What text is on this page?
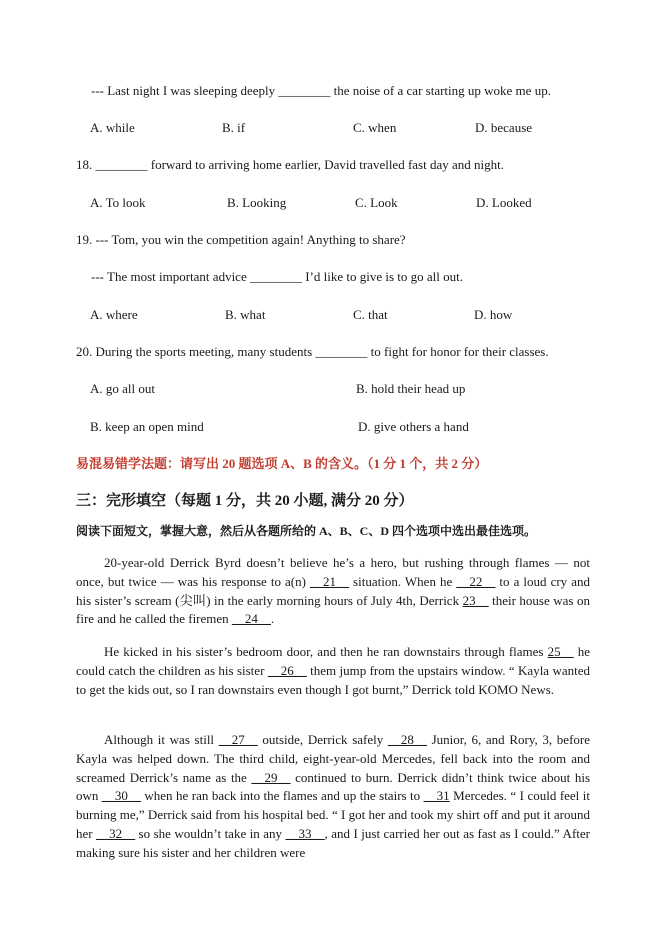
--- Last night I was sleeping deeply ________ the noise of a car starting up woke me up.
A. while	B. if	C. when	D. because
18. ________ forward to arriving home earlier, David travelled fast day and night.
A. To look	B. Looking	C. Look	D. Looked
19. --- Tom, you win the competition again! Anything to share?
--- The most important advice ________ I’d like to give is to go all out.
A. where	B. what	C. that	D. how
20. During the sports meeting, many students ________ to fight for honor for their classes.
A. go all out	B. hold their head up
B. keep an open mind	D. give others a hand
易混易错学法题：请写出 20 题选项 A、B 的含义。（1 分 1 个，共 2 分）
三：完形填空（每题 1 分，共 20 小题, 满分 20 分）
阅读下面短文，掌握大意，然后从各题所给的 A、B、C、D 四个选项中选出最佳选项。
20-year-old Derrick Byrd doesn’t believe he’s a hero, but rushing through flames — not once, but twice — was his response to a(n) __21__ situation. When he __22__ to a loud cry and his sister’s scream (尖叫) in the early morning hours of July 4th, Derrick 23__ their house was on fire and he called the firemen __24__.
He kicked in his sister’s bedroom door, and then he ran downstairs through flames 25__ he could catch the children as his sister __26__ them jump from the upstairs window. “ Kayla wanted to get the kids out, so I ran downstairs even though I got burnt,” Derrick told KOMO News.
Although it was still __27__ outside, Derrick safely __28__ Junior, 6, and Rory, 3, before Kayla was helped down. The third child, eight-year-old Mercedes, fell back into the room and screamed Derrick’s name as the __29__ continued to burn. Derrick didn’t think twice about his own __30__ when he ran back into the flames and up the stairs to __31 Mercedes. “ I could feel it burning me,” Derrick said from his hospital bed. “ I got her and took my shirt off and put it around her __32__ so she wouldn’t take in any __33__, and I just carried her out as fast as I could.” After making sure his sister and her children were
